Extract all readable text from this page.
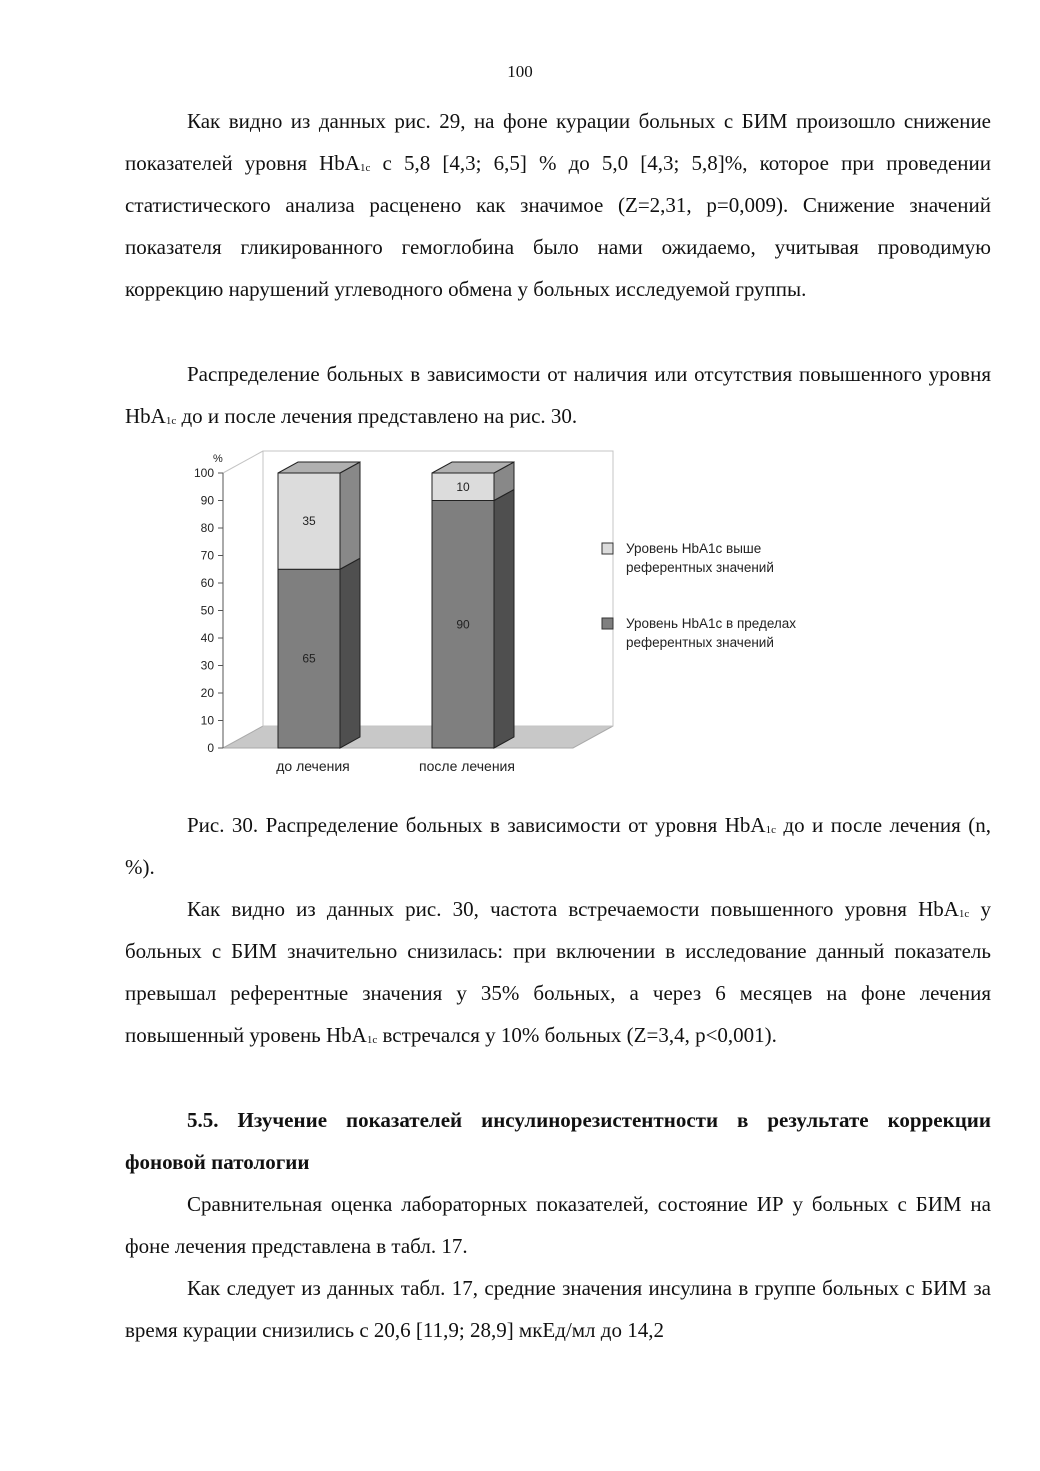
100

Как видно из данных рис. 29, на фоне курации больных с БИМ произошло снижение показателей уровня HbA$_{1c}$ с 5,8 [4,3; 6,5] % до 5,0 [4,3; 5,8]%, которое при проведении статистического анализа расценено как значимое (Z=2,31, p=0,009). Снижение значений показателя гликированного гемоглобина было нами ожидаемо, учитывая проводимую коррекцию нарушений углеводного обмена у больных исследуемой группы.

Распределение больных в зависимости от наличия или отсутствия повышенного уровня HbA$_{1c}$ до и после лечения представлено на рис. 30.

0
10
20
30
40
50
60
70
80
90
100
%
65
35
до лечения
90
10
после лечения
Уровень HbA1c выше
референтных значений
Уровень HbA1c в пределах
референтных значений

Рис. 30. Распределение больных в зависимости от уровня HbA$_{1c}$ до и после лечения (n, %).

Как видно из данных рис. 30, частота встречаемости повышенного уровня HbA$_{1c}$ у больных с БИМ значительно снизилась: при включении в исследование данный показатель превышал референтные значения у 35% больных, а через 6 месяцев на фоне лечения повышенный уровень HbA$_{1c}$ встречался у 10% больных (Z=3,4, p<0,001).

5.5. Изучение показателей инсулинорезистентности в результате коррекции фоновой патологии

Сравнительная оценка лабораторных показателей, состояние ИР у больных с БИМ на фоне лечения представлена в табл. 17.

Как следует из данных табл. 17, средние значения инсулина в группе больных с БИМ за время курации снизились с 20,6 [11,9; 28,9] мкЕд/мл до 14,2
